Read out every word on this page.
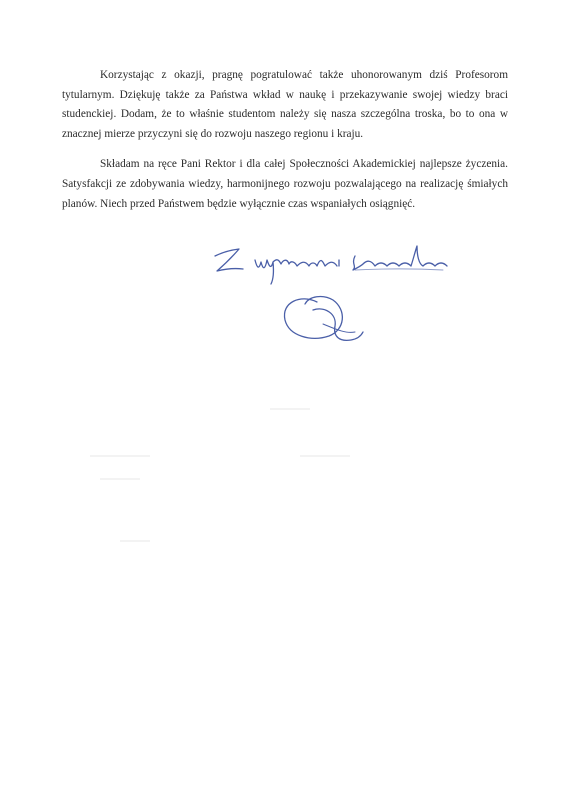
Korzystając z okazji, pragnę pogratulować także uhonorowanym dziś Profesorom tytularnym. Dziękuję także za Państwa wkład w naukę i przekazywanie swojej wiedzy braci studenckiej. Dodam, że to właśnie studentom należy się nasza szczególna troska, bo to ona w znacznej mierze przyczyni się do rozwoju naszego regionu i kraju.

Składam na ręce Pani Rektor i dla całej Społeczności Akademickiej najlepsze życzenia. Satysfakcji ze zdobywania wiedzy, harmonijnego rozwoju pozwalającego na realizację śmiałych planów. Niech przed Państwem będzie wyłącznie czas wspaniałych osiągnięć.
